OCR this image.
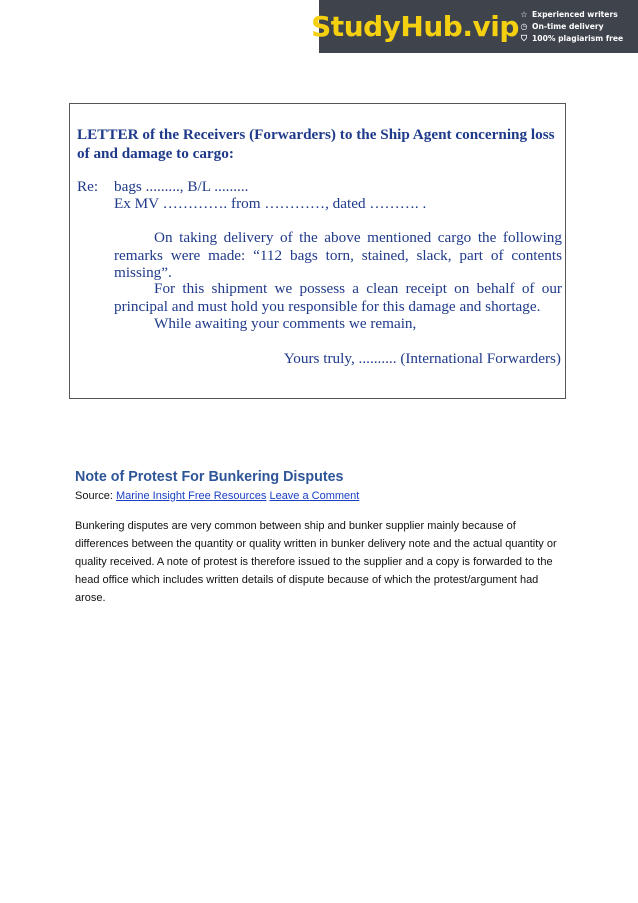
StudyHub.vip ☆ Experienced writers
◷ On-time delivery
⛉ 100% plagiarism free
LETTER of the Receivers (Forwarders) to the Ship Agent concerning loss of and damage to cargo:
Re: bags ........., B/L .........
Ex MV …………. from …………, dated ………. .
On taking delivery of the above mentioned cargo the following remarks were made: “112 bags torn, stained, slack, part of contents missing”.
For this shipment we possess a clean receipt on behalf of our principal and must hold you responsible for this damage and shortage.
While awaiting your comments we remain,
Yours truly, .......... (International Forwarders)
Note of Protest For Bunkering Disputes
Source: Marine Insight Free Resources Leave a Comment
Bunkering disputes are very common between ship and bunker supplier mainly because of differences between the quantity or quality written in bunker delivery note and the actual quantity or quality received. A note of protest is therefore issued to the supplier and a copy is forwarded to the head office which includes written details of dispute because of which the protest/argument had arose.
